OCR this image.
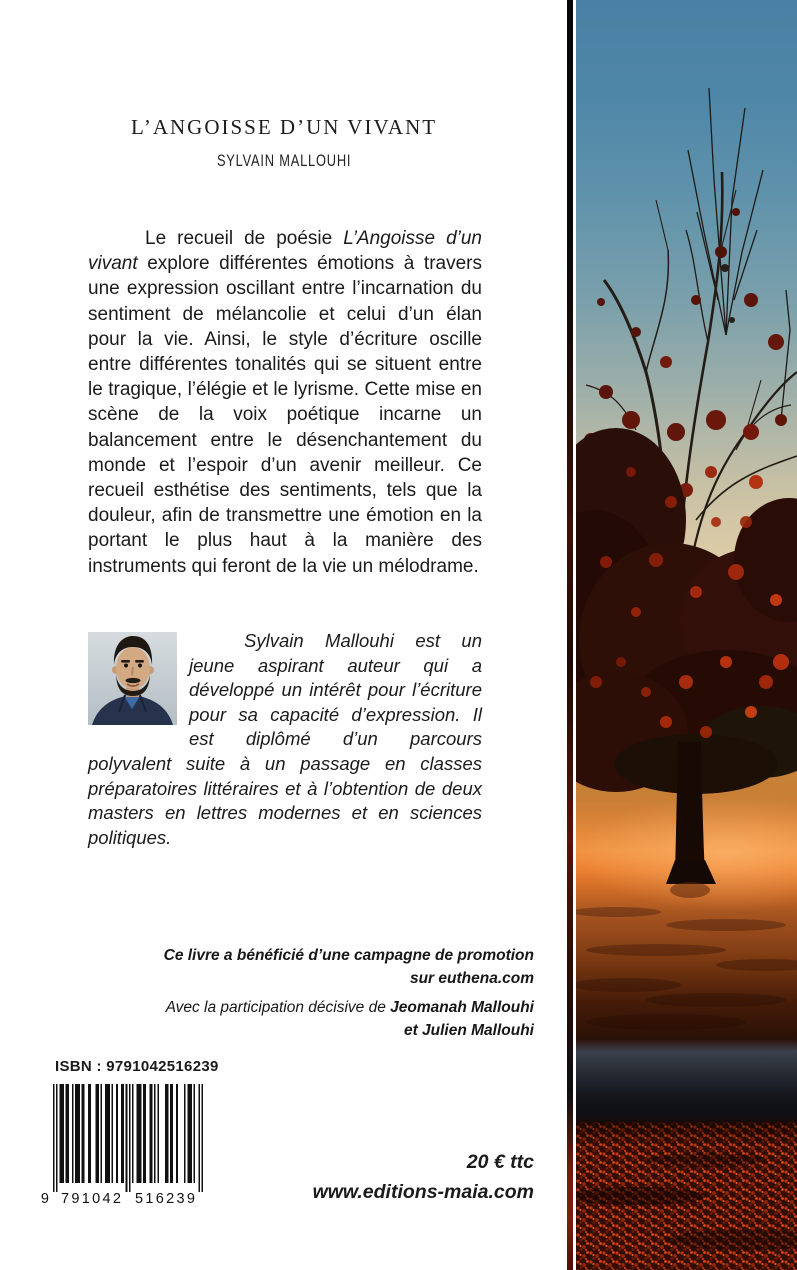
L’ANGOISSE D’UN VIVANT
SYLVAIN MALLOUHI

Le recueil de poésie L’Angoisse d’un vivant explore différentes émotions à travers une expression oscillant entre l’incarnation du sentiment de mélancolie et celui d’un élan pour la vie. Ainsi, le style d’écriture oscille entre différentes tonalités qui se situent entre le tragique, l’élégie et le lyrisme. Cette mise en scène de la voix poétique incarne un balancement entre le désenchantement du monde et l’espoir d’un avenir meilleur. Ce recueil esthétise des sentiments, tels que la douleur, afin de transmettre une émotion en la portant le plus haut à la manière des instruments qui feront de la vie un mélodrame.

Sylvain Mallouhi est un jeune aspirant auteur qui a développé un intérêt pour l’écriture pour sa capacité d’expression. Il est diplômé d’un parcours polyvalent suite à un passage en classes préparatoires littéraires et à l’obtention de deux masters en lettres modernes et en sciences politiques.

Ce livre a bénéficié d’une campagne de promotion
sur euthena.com

Avec la participation décisive de Jeomanah Mallouhi
et Julien Mallouhi

ISBN : 9791042516239
9 791042 516239
20 € ttc
www.editions-maia.com
